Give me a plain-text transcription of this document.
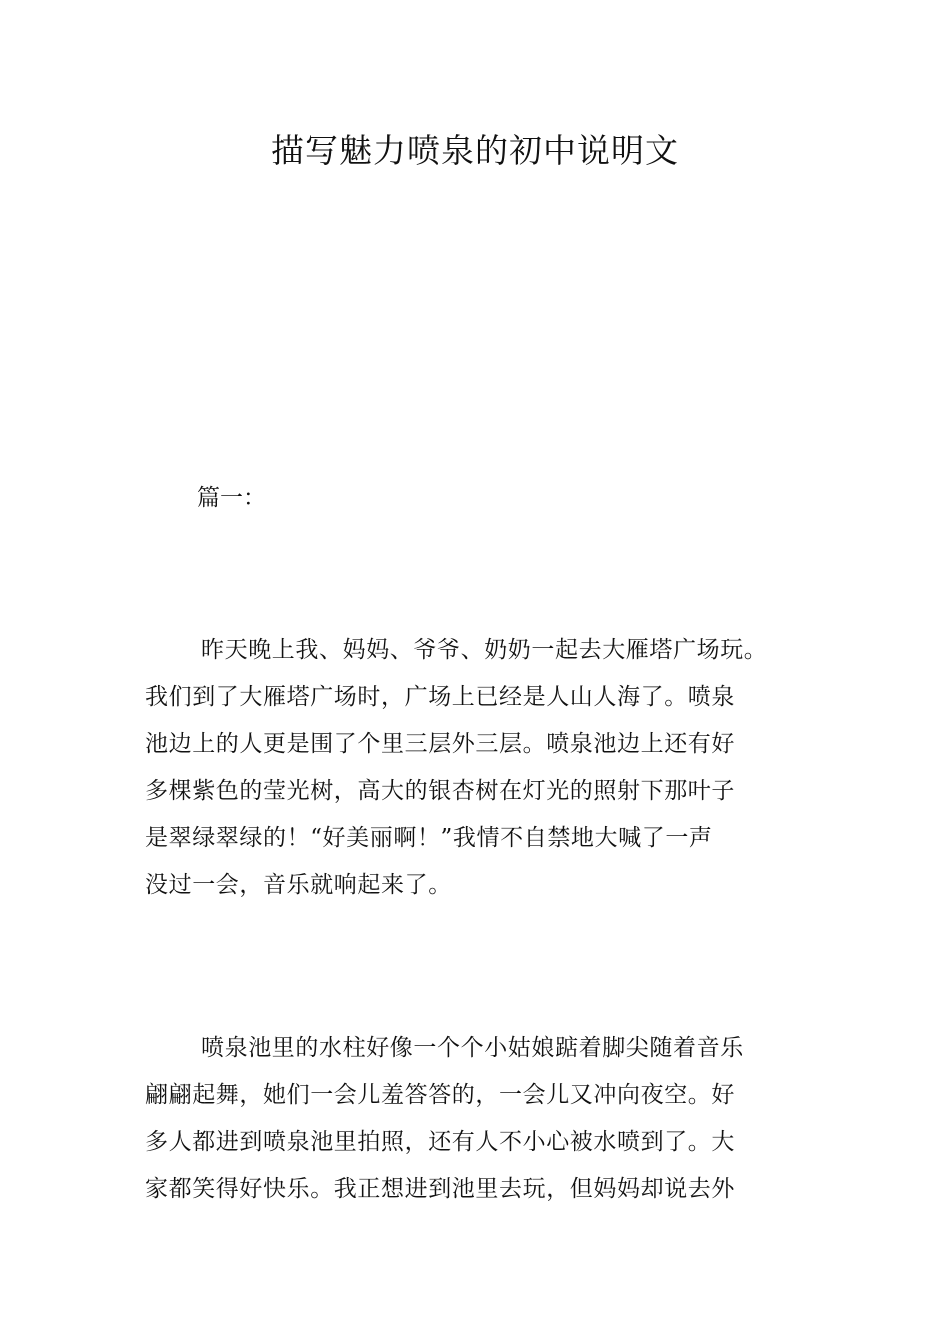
描写魅力喷泉的初中说明文

篇一：

昨天晚上我、妈妈、爷爷、奶奶一起去大雁塔广场玩。
我们到了大雁塔广场时，广场上已经是人山人海了。喷泉
池边上的人更是围了个里三层外三层。喷泉池边上还有好
多棵紫色的莹光树，高大的银杏树在灯光的照射下那叶子
是翠绿翠绿的！“好美丽啊！”我情不自禁地大喊了一声
没过一会，音乐就响起来了。

喷泉池里的水柱好像一个个小姑娘踮着脚尖随着音乐
翩翩起舞，她们一会儿羞答答的，一会儿又冲向夜空。好
多人都进到喷泉池里拍照，还有人不小心被水喷到了。大
家都笑得好快乐。我正想进到池里去玩，但妈妈却说去外
